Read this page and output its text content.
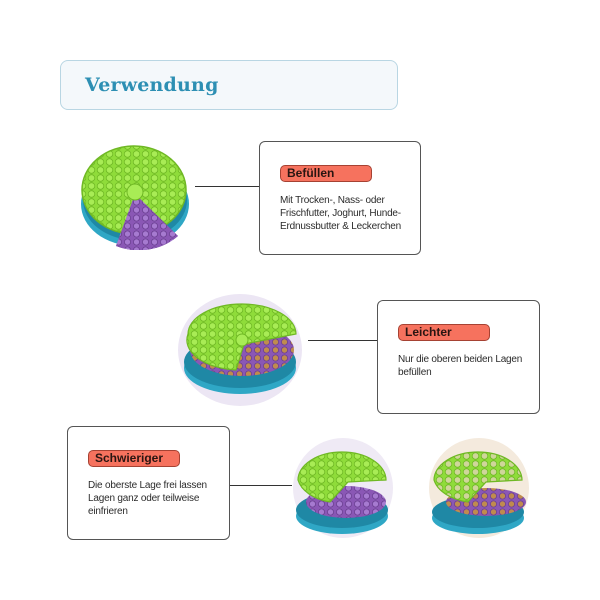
Verwendung
Befüllen
Mit Trocken-, Nass- oder
Frischfutter, Joghurt, Hunde-
Erdnussbutter & Leckerchen
Leichter
Nur die oberen beiden Lagen
befüllen
Schwieriger
Die oberste Lage frei lassen
Lagen ganz oder teilweise
einfrieren
